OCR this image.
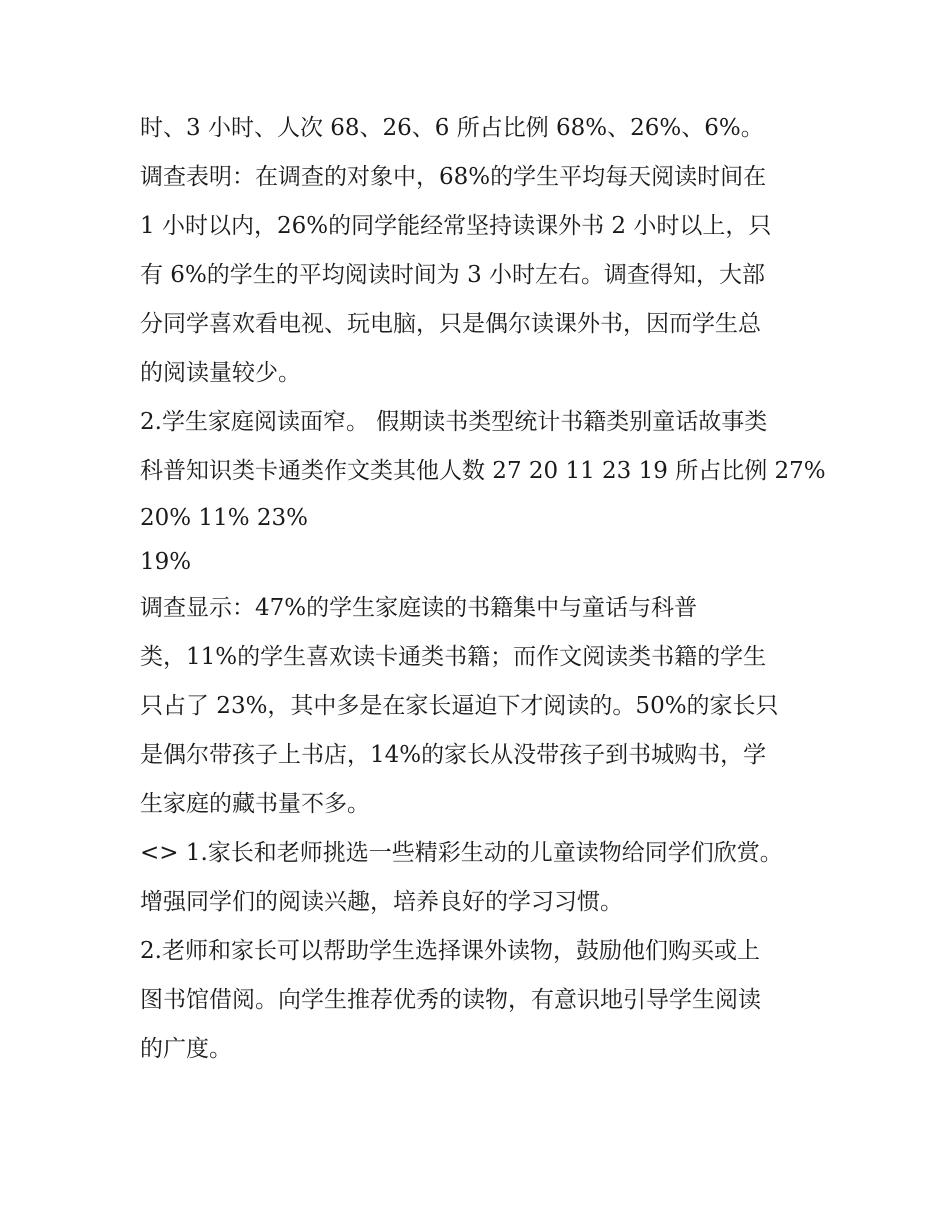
时、3 小时、人次 68、26、6 所占比例 68%、26%、6%。

调查表明：在调查的对象中，68%的学生平均每天阅读时间在

1 小时以内，26%的同学能经常坚持读课外书 2 小时以上，只

有 6%的学生的平均阅读时间为 3 小时左右。调查得知，大部

分同学喜欢看电视、玩电脑，只是偶尔读课外书，因而学生总

的阅读量较少。

2.学生家庭阅读面窄。 假期读书类型统计书籍类别童话故事类

科普知识类卡通类作文类其他人数 27 20 11 23 19 所占比例 27%

20% 11% 23%

19%

调查显示：47%的学生家庭读的书籍集中与童话与科普

类，11%的学生喜欢读卡通类书籍；而作文阅读类书籍的学生

只占了 23%，其中多是在家长逼迫下才阅读的。50%的家长只

是偶尔带孩子上书店，14%的家长从没带孩子到书城购书，学

生家庭的藏书量不多。

<> 1.家长和老师挑选一些精彩生动的儿童读物给同学们欣赏。

增强同学们的阅读兴趣，培养良好的学习习惯。

2.老师和家长可以帮助学生选择课外读物，鼓励他们购买或上

图书馆借阅。向学生推荐优秀的读物，有意识地引导学生阅读

的广度。
